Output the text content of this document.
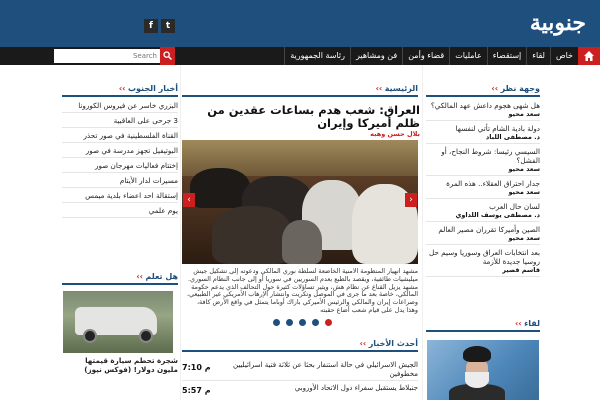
جنوبية
f	t
خاص
لقاء
إستقصاء
عامليات
قضاء وأمن
فن ومشاهير
رئاسة الجمهورية
Search
أخبار الجنوب ››
البزري خاسر عن فيروس الكورونا
3 جرحى على العاقبية
القناة الفلسطينية في صور تحذر
البوتيفيل تجهز مدرسة في صور
إختتام فعاليات مهرجان صور
مسيرات لدار الأيتام
إستقالة احد اعضاء بلدية ميمس
يوم علمي
هل تعلم ››
شجرة تحطم سيارة قيمتها مليون دولار! (فوكس نيوز)
الرئيسية ››
العراق: شعب هدم بساعات عقدين من ظلم أميركا وإيران
بلال حسن وهبه
‹	›
مشهد انهيار المنظومة الأمنية الخاضعة لسلطة نوري المالكي ودعوته إلى تشكيل جيش ميليشيات طائفية، ويقصد بالطبع بعدم السوريين في سوريا أو إلى جانب النظام السوري. مشهد يزيل القناع عن نظام هش، ويثير تساؤلات كثيرة حول التحالف الذي يدعم حكومة المالكي، خاصة بعد ما جرى في الموصل وتكريت وانتشار الإرهاب الأمريكي غير الطبيعي، وصراعات إيران والمالكي والرئيس الأميركي باراك أوباما يتمثل في واقع الأرض كافة، وهذا يدل على قيام شعب أضاع حقبته
أحدث الأخبار ››
الجيش الاسرائيلي في حالة استنفار بحثا عن ثلاثة فتية اسرائيليين مخطوفين
7:10 م
جنبلاط يستقبل سفراء دول الاتحاد الأوروبي
5:57 م
وجهة نظر ››
هل شهى هجوم داعش عهد المالكي؟
سعد محيو
دولة بادية الشام تأتي لنفسها
د. مصطفى اللباد
السيسي رئيسا: شروط النجاح، أو الفشل؟
سعد محيو
جدار احتراق العقلاء.. هذه المرة
سعد محيو
لسان حال العرب
د. مصطفى يوسف اللداوي
الصين وأميركا تقرران مصير العالم
سعد محيو
بعد انتخابات العراق وسوريا وسيم حل روسيا جديدة للأزمة
قاسم قصير
لقاء ››
